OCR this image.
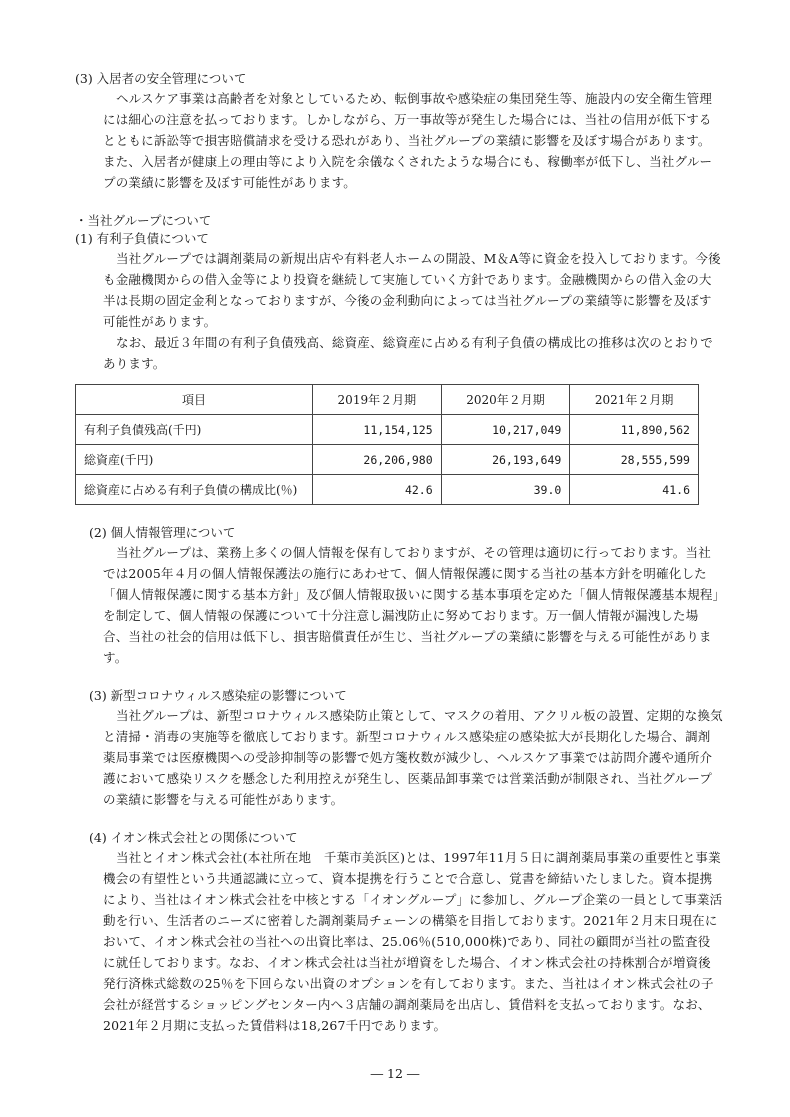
(3) 入居者の安全管理について

ヘルスケア事業は高齢者を対象としているため、転倒事故や感染症の集団発生等、施設内の安全衛生管理には細心の注意を払っております。しかしながら、万一事故等が発生した場合には、当社の信用が低下するとともに訴訟等で損害賠償請求を受ける恐れがあり、当社グループの業績に影響を及ぼす場合があります。また、入居者が健康上の理由等により入院を余儀なくされたような場合にも、稼働率が低下し、当社グループの業績に影響を及ぼす可能性があります。

・当社グループについて

(1) 有利子負債について

当社グループでは調剤薬局の新規出店や有料老人ホームの開設、M＆A等に資金を投入しております。今後も金融機関からの借入金等により投資を継続して実施していく方針であります。金融機関からの借入金の大半は長期の固定金利となっておりますが、今後の金利動向によっては当社グループの業績等に影響を及ぼす可能性があります。

なお、最近３年間の有利子負債残高、総資産、総資産に占める有利子負債の構成比の推移は次のとおりであります。

項目	2019年２月期	2020年２月期	2021年２月期
有利子負債残高(千円)	11,154,125	10,217,049	11,890,562
総資産(千円)	26,206,980	26,193,649	28,555,599
総資産に占める有利子負債の構成比(％)	42.6	39.0	41.6

(2) 個人情報管理について

当社グループは、業務上多くの個人情報を保有しておりますが、その管理は適切に行っております。当社では2005年４月の個人情報保護法の施行にあわせて、個人情報保護に関する当社の基本方針を明確化した「個人情報保護に関する基本方針」及び個人情報取扱いに関する基本事項を定めた「個人情報保護基本規程」を制定して、個人情報の保護について十分注意し漏洩防止に努めております。万一個人情報が漏洩した場合、当社の社会的信用は低下し、損害賠償責任が生じ、当社グループの業績に影響を与える可能性があります。

(3) 新型コロナウィルス感染症の影響について

当社グループは、新型コロナウィルス感染防止策として、マスクの着用、アクリル板の設置、定期的な換気と清掃・消毒の実施等を徹底しております。新型コロナウィルス感染症の感染拡大が長期化した場合、調剤薬局事業では医療機関への受診抑制等の影響で処方箋枚数が減少し、ヘルスケア事業では訪問介護や通所介護において感染リスクを懸念した利用控えが発生し、医薬品卸事業では営業活動が制限され、当社グループの業績に影響を与える可能性があります。

(4) イオン株式会社との関係について

当社とイオン株式会社(本社所在地　千葉市美浜区)とは、1997年11月５日に調剤薬局事業の重要性と事業機会の有望性という共通認識に立って、資本提携を行うことで合意し、覚書を締結いたしました。資本提携により、当社はイオン株式会社を中核とする「イオングループ」に参加し、グループ企業の一員として事業活動を行い、生活者のニーズに密着した調剤薬局チェーンの構築を目指しております。2021年２月末日現在において、イオン株式会社の当社への出資比率は、25.06％(510,000株)であり、同社の顧問が当社の監査役に就任しております。なお、イオン株式会社は当社が増資をした場合、イオン株式会社の持株割合が増資後発行済株式総数の25％を下回らない出資のオプションを有しております。また、当社はイオン株式会社の子会社が経営するショッピングセンター内へ３店舗の調剤薬局を出店し、賃借料を支払っております。なお、2021年２月期に支払った賃借料は18,267千円であります。

― 12 ―
